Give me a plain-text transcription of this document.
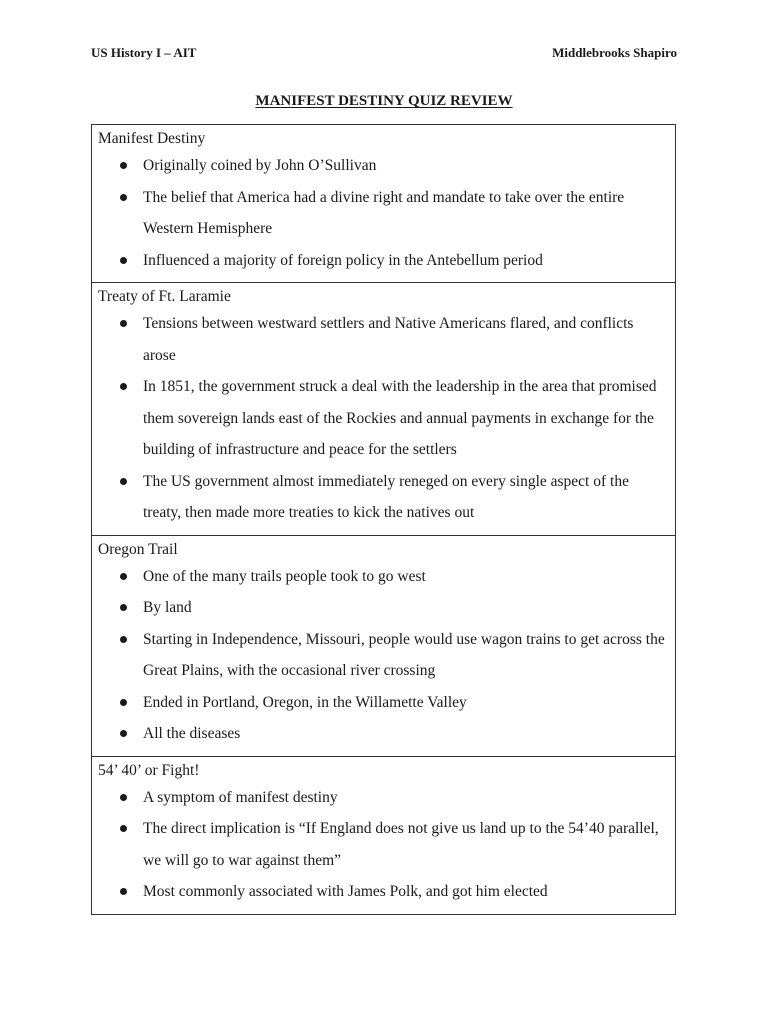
US History I – AIT	Middlebrooks Shapiro
MANIFEST DESTINY QUIZ REVIEW

Manifest Destiny

Originally coined by John O’Sullivan
The belief that America had a divine right and mandate to take over the entire Western Hemisphere
Influenced a majority of foreign policy in the Antebellum period

Treaty of Ft. Laramie

Tensions between westward settlers and Native Americans flared, and conflicts arose
In 1851, the government struck a deal with the leadership in the area that promised them sovereign lands east of the Rockies and annual payments in exchange for the building of infrastructure and peace for the settlers
The US government almost immediately reneged on every single aspect of the treaty, then made more treaties to kick the natives out

Oregon Trail

One of the many trails people took to go west
By land
Starting in Independence, Missouri, people would use wagon trains to get across the Great Plains, with the occasional river crossing
Ended in Portland, Oregon, in the Willamette Valley
All the diseases

54’ 40’ or Fight!

A symptom of manifest destiny
The direct implication is “If England does not give us land up to the 54’40 parallel, we will go to war against them”
Most commonly associated with James Polk, and got him elected
